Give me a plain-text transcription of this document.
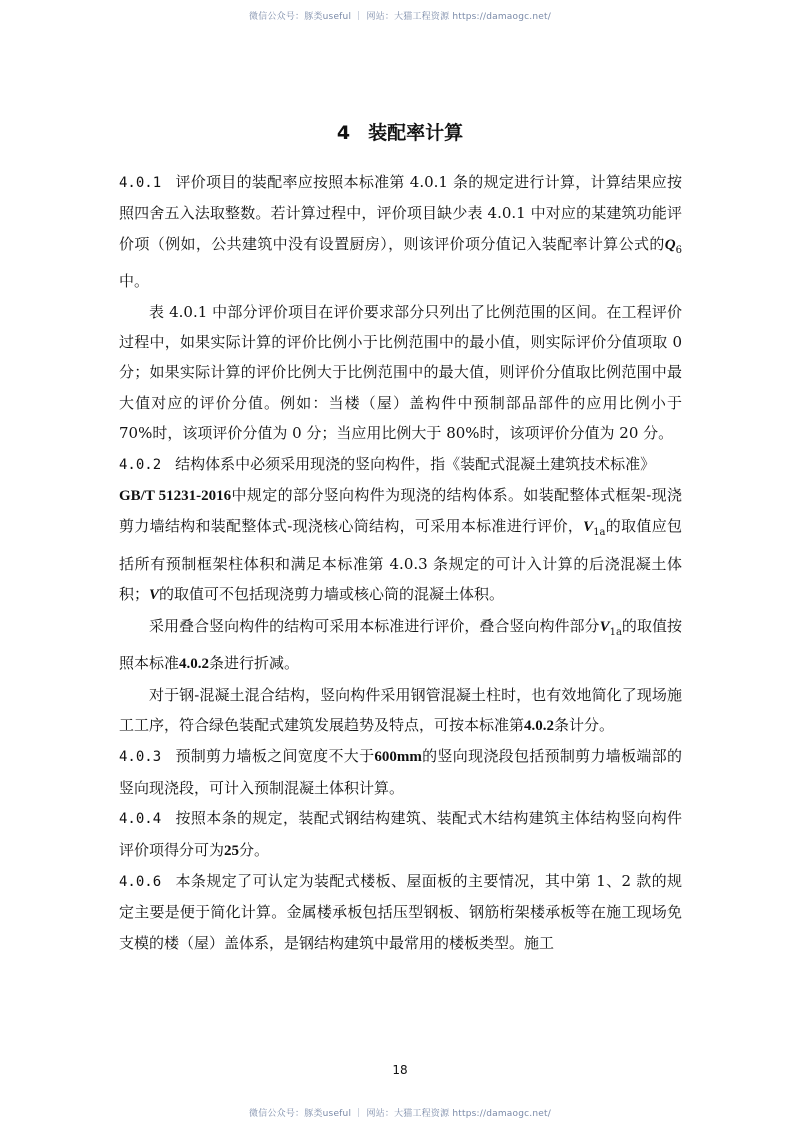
微信公众号：豚类useful ｜ 网站：大猫工程资源 https://damaogc.net/
4 装配率计算

4.0.1 评价项目的装配率应按照本标准第 4.0.1 条的规定进行计算，计算结果应按照四舍五入法取整数。若计算过程中，评价项目缺少表 4.0.1 中对应的某建筑功能评价项（例如，公共建筑中没有设置厨房），则该评价项分值记入装配率计算公式的$Q_6$中。

表 4.0.1 中部分评价项目在评价要求部分只列出了比例范围的区间。在工程评价过程中，如果实际计算的评价比例小于比例范围中的最小值，则实际评价分值项取 0 分；如果实际计算的评价比例大于比例范围中的最大值，则评价分值取比例范围中最大值对应的评价分值。例如：当楼（屋）盖构件中预制部品部件的应用比例小于 70%时，该项评价分值为 0 分；当应用比例大于 80%时，该项评价分值为 20 分。

4.0.2 结构体系中必须采用现浇的竖向构件，指《装配式混凝土建筑技术标准》
GB/T 51231-2016中规定的部分竖向构件为现浇的结构体系。如装配整体式框架-现浇剪力墙结构和装配整体式-现浇核心筒结构，可采用本标准进行评价，$V_{1a}$的取值应包括所有预制框架柱体积和满足本标准第 4.0.3 条规定的可计入计算的后浇混凝土体积；V的取值可不包括现浇剪力墙或核心筒的混凝土体积。

采用叠合竖向构件的结构可采用本标准进行评价，叠合竖向构件部分$V_{1a}$的取值按照本标准4.0.2条进行折减。

对于钢-混凝土混合结构，竖向构件采用钢管混凝土柱时，也有效地简化了现场施工工序，符合绿色装配式建筑发展趋势及特点，可按本标准第4.0.2条计分。

4.0.3 预制剪力墙板之间宽度不大于600mm的竖向现浇段包括预制剪力墙板端部的竖向现浇段，可计入预制混凝土体积计算。

4.0.4 按照本条的规定，装配式钢结构建筑、装配式木结构建筑主体结构竖向构件评价项得分可为25分。

4.0.6 本条规定了可认定为装配式楼板、屋面板的主要情况，其中第 1、2 款的规定主要是便于简化计算。金属楼承板包括压型钢板、钢筋桁架楼承板等在施工现场免支模的楼（屋）盖体系，是钢结构建筑中最常用的楼板类型。施工

18
微信公众号：豚类useful ｜ 网站：大猫工程资源 https://damaogc.net/
